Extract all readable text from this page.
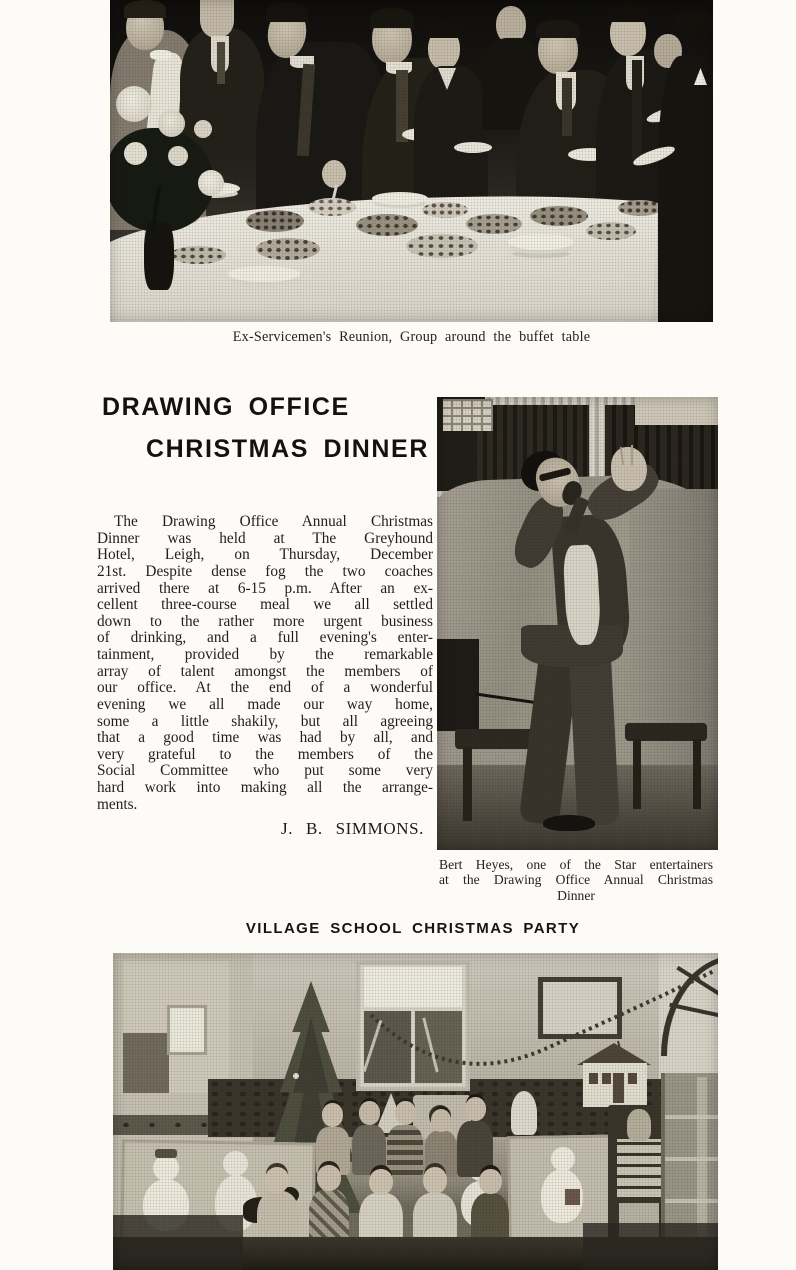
Ex-Servicemen's Reunion, Group around the buffet table
DRAWING OFFICE
CHRISTMAS DINNER
The Drawing Office Annual Christmas
Dinner was held at The Greyhound
Hotel, Leigh, on Thursday, December
21st. Despite dense fog the two coaches
arrived there at 6-15 p.m. After an ex-
cellent three-course meal we all settled
down to the rather more urgent business
of drinking, and a full evening's enter-
tainment, provided by the remarkable
array of talent amongst the members of
our office. At the end of a wonderful
evening we all made our way home,
some a little shakily, but all agreeing
that a good time was had by all, and
very grateful to the members of the
Social Committee who put some very
hard work into making all the arrange-
ments.
J. B. SIMMONS.
Bert Heyes, one of the Star entertainers
at the Drawing Office Annual Christmas
Dinner
VILLAGE SCHOOL CHRISTMAS PARTY
